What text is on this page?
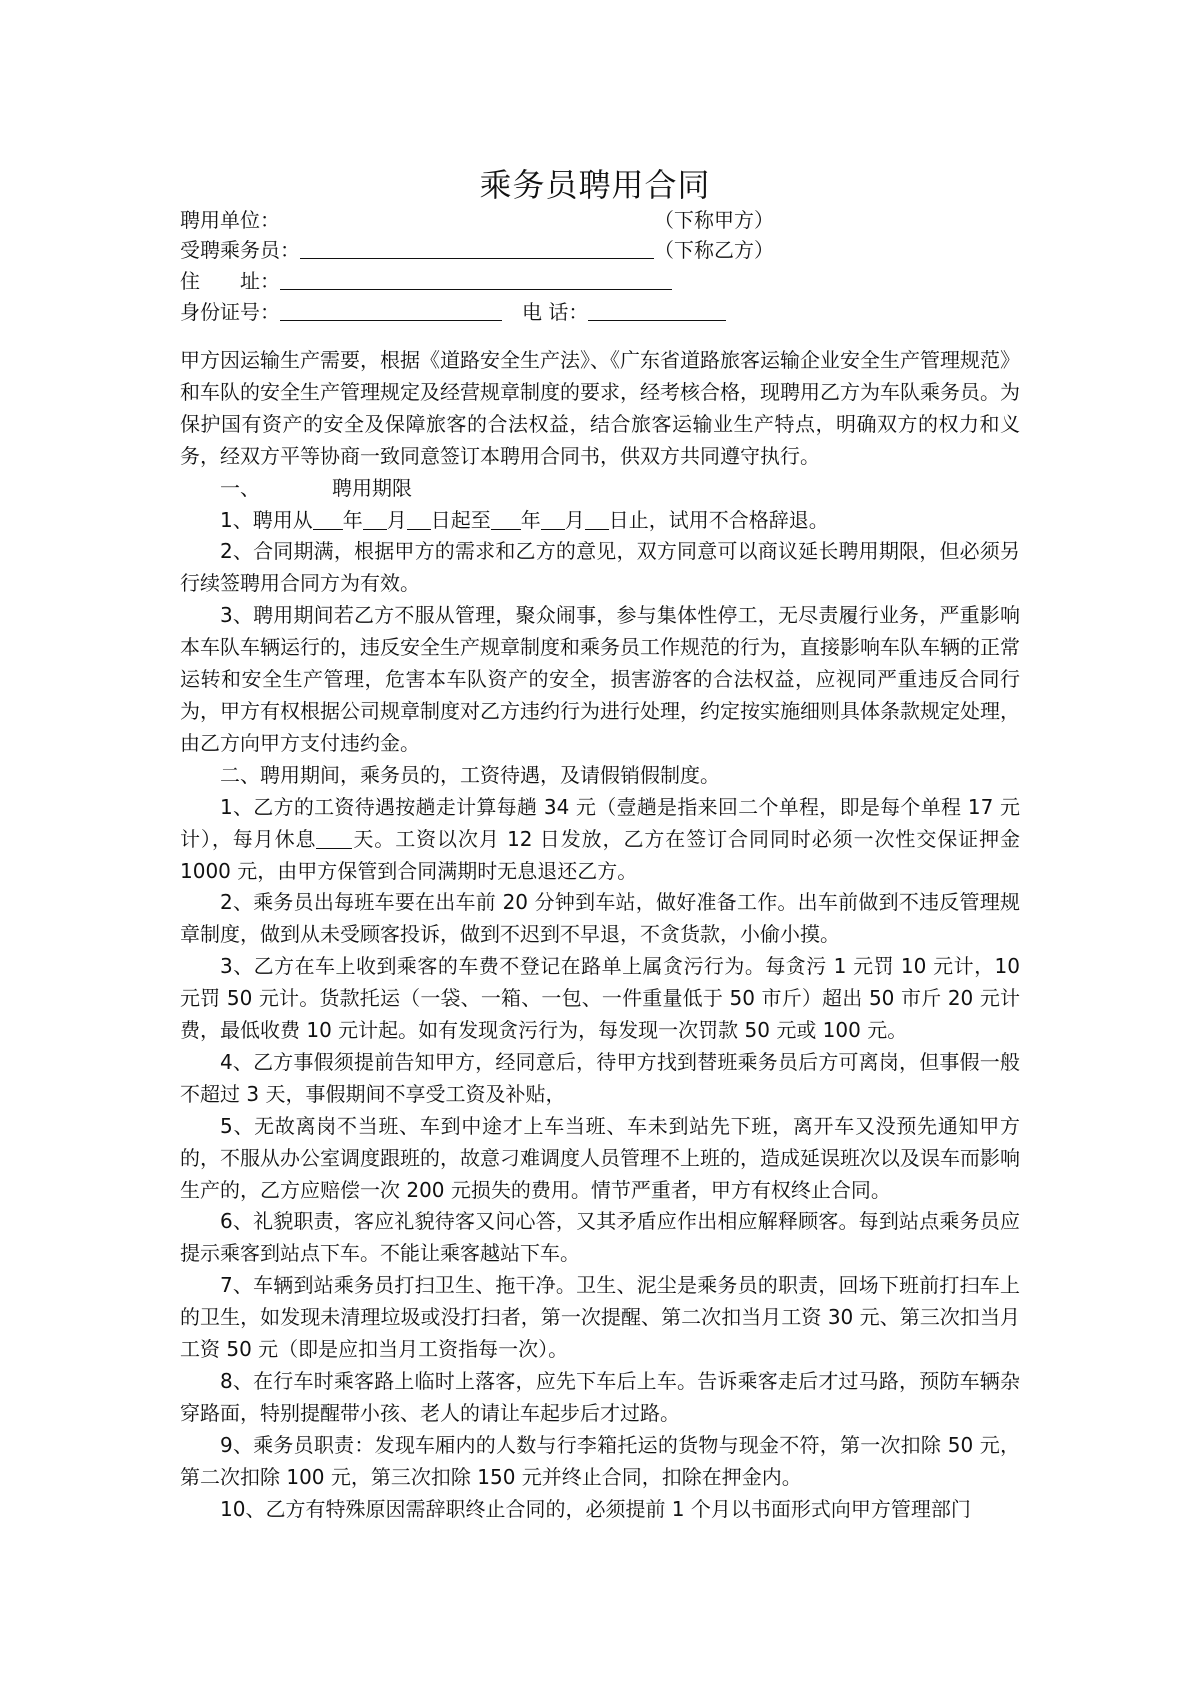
乘务员聘用合同
聘用单位：	（下称甲方）
受聘乘务员：	（下称乙方）
住　　址：
身份证号：	电 话：

甲方因运输生产需要，根据《道路安全生产法》、《广东省道路旅客运输企业安全生产管理规范》和车队的安全生产管理规定及经营规章制度的要求，经考核合格，现聘用乙方为车队乘务员。为保护国有资产的安全及保障旅客的合法权益，结合旅客运输业生产特点，明确双方的权力和义务，经双方平等协商一致同意签订本聘用合同书，供双方共同遵守执行。

一、	聘用期限

1、聘用从 年 月 日起至 年 月 日止，试用不合格辞退。

2、合同期满，根据甲方的需求和乙方的意见，双方同意可以商议延长聘用期限，但必须另行续签聘用合同方为有效。

3、聘用期间若乙方不服从管理，聚众闹事，参与集体性停工，无尽责履行业务，严重影响本车队车辆运行的，违反安全生产规章制度和乘务员工作规范的行为，直接影响车队车辆的正常运转和安全生产管理，危害本车队资产的安全，损害游客的合法权益，应视同严重违反合同行为，甲方有权根据公司规章制度对乙方违约行为进行处理，约定按实施细则具体条款规定处理，由乙方向甲方支付违约金。

二、聘用期间，乘务员的，工资待遇，及请假销假制度。

1、乙方的工资待遇按趟走计算每趟 34 元（壹趟是指来回二个单程，即是每个单程 17 元计），每月休息 天。工资以次月 12 日发放，乙方在签订合同同时必须一次性交保证押金 1000 元，由甲方保管到合同满期时无息退还乙方。

2、乘务员出每班车要在出车前 20 分钟到车站，做好准备工作。出车前做到不违反管理规章制度，做到从未受顾客投诉，做到不迟到不早退，不贪货款，小偷小摸。

3、乙方在车上收到乘客的车费不登记在路单上属贪污行为。每贪污 1 元罚 10 元计，10 元罚 50 元计。货款托运（一袋、一箱、一包、一件重量低于 50 市斤）超出 50 市斤 20 元计费，最低收费 10 元计起。如有发现贪污行为，每发现一次罚款 50 元或 100 元。

4、乙方事假须提前告知甲方，经同意后，待甲方找到替班乘务员后方可离岗，但事假一般不超过 3 天，事假期间不享受工资及补贴，

5、无故离岗不当班、车到中途才上车当班、车未到站先下班，离开车又没预先通知甲方的，不服从办公室调度跟班的，故意刁难调度人员管理不上班的，造成延误班次以及误车而影响生产的，乙方应赔偿一次 200 元损失的费用。情节严重者，甲方有权终止合同。

6、礼貌职责，客应礼貌待客又问心答，又其矛盾应作出相应解释顾客。每到站点乘务员应提示乘客到站点下车。不能让乘客越站下车。

7、车辆到站乘务员打扫卫生、拖干净。卫生、泥尘是乘务员的职责，回场下班前打扫车上的卫生，如发现未清理垃圾或没打扫者，第一次提醒、第二次扣当月工资 30 元、第三次扣当月工资 50 元（即是应扣当月工资指每一次）。

8、在行车时乘客路上临时上落客，应先下车后上车。告诉乘客走后才过马路，预防车辆杂穿路面，特别提醒带小孩、老人的请让车起步后才过路。

9、乘务员职责：发现车厢内的人数与行李箱托运的货物与现金不符，第一次扣除 50 元，第二次扣除 100 元，第三次扣除 150 元并终止合同，扣除在押金内。

10、乙方有特殊原因需辞职终止合同的，必须提前 1 个月以书面形式向甲方管理部门
